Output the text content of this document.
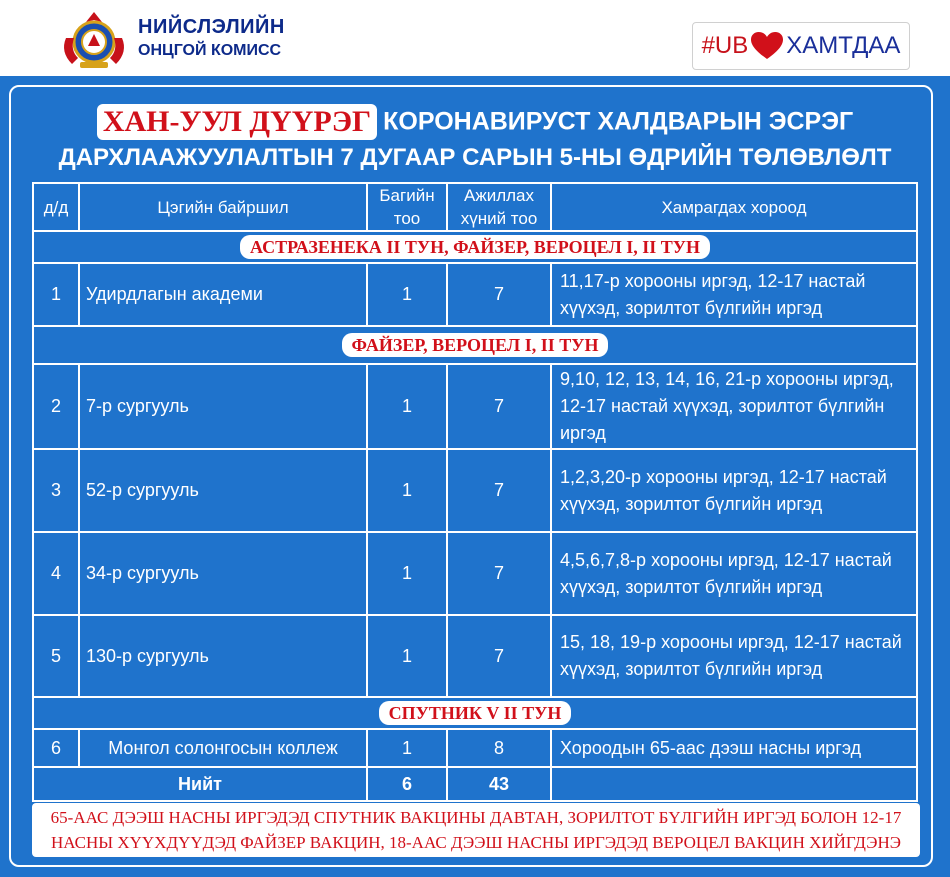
НИЙСЛЭЛИЙН
ОНЦГОЙ КОМИСС	#UB ХАМТДАА
ХАН-УУЛ ДҮҮРЭГ КОРОНАВИРУСТ ХАЛДВАРЫН ЭСРЭГ
ДАРХЛААЖУУЛАЛТЫН 7 ДУГААР САРЫН 5-НЫ ӨДРИЙН ТӨЛӨВЛӨЛТ
д/д	Цэгийн байршил	Багийн тоо	Ажиллах хүний тоо	Хамрагдах хороод
АСТРАЗЕНЕКА II ТУН, ФАЙЗЕР, ВЕРОЦЕЛ I, II ТУН				
1	Удирдлагын академи	1	7	11,17-р хорооны иргэд, 12-17 настай хүүхэд, зорилтот бүлгийн иргэд
ФАЙЗЕР, ВЕРОЦЕЛ I, II ТУН				
2	7-р сургууль	1	7	9,10, 12, 13, 14, 16, 21-р хорооны иргэд, 12-17 настай хүүхэд, зорилтот бүлгийн иргэд
3	52-р сургууль	1	7	1,2,3,20-р хорооны иргэд, 12-17 настай хүүхэд, зорилтот бүлгийн иргэд
4	34-р сургууль	1	7	4,5,6,7,8-р хорооны иргэд, 12-17 настай хүүхэд, зорилтот бүлгийн иргэд
5	130-р сургууль	1	7	15, 18, 19-р хорооны иргэд, 12-17 настай хүүхэд, зорилтот бүлгийн иргэд
СПУТНИК V II ТУН				
6	Монгол солонгосын коллеж	1	8	Хороодын 65-аас дээш насны иргэд
Нийт		6	43	
65-ААС ДЭЭШ НАСНЫ ИРГЭДЭД СПУТНИК ВАКЦИНЫ ДАВТАН, ЗОРИЛТОТ БҮЛГИЙН ИРГЭД БОЛОН 12-17
НАСНЫ ХҮҮХДҮҮДЭД ФАЙЗЕР ВАКЦИН, 18-ААС ДЭЭШ НАСНЫ ИРГЭДЭД ВЕРОЦЕЛ ВАКЦИН ХИЙГДЭНЭ
